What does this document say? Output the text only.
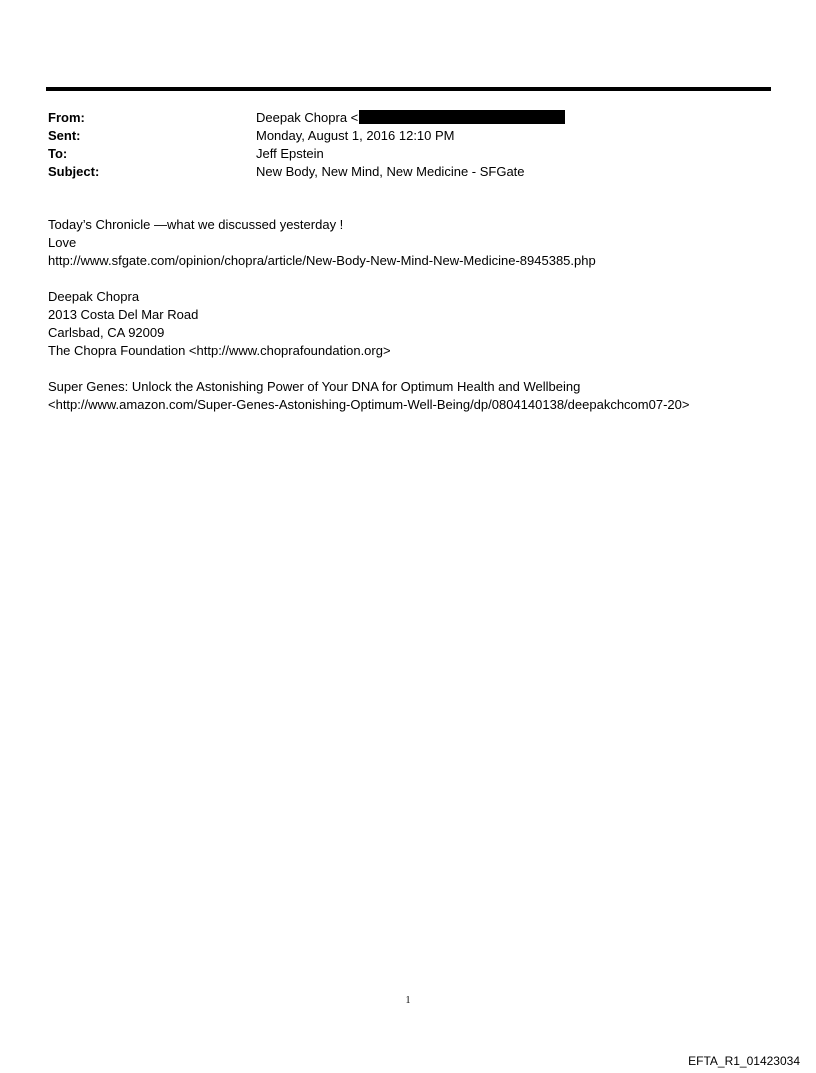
From:	Deepak Chopra <
Sent:	Monday, August 1, 2016 12:10 PM
To:	Jeff Epstein
Subject:	New Body, New Mind, New Medicine - SFGate

Today’s Chronicle —what we discussed yesterday !

Love

http://www.sfgate.com/opinion/chopra/article/New-Body-New-Mind-New-Medicine-8945385.php

Deepak Chopra

2013 Costa Del Mar Road

Carlsbad, CA 92009

The Chopra Foundation <http://www.choprafoundation.org>

Super Genes: Unlock the Astonishing Power of Your DNA for Optimum Health and Wellbeing

<http://www.amazon.com/Super-Genes-Astonishing-Optimum-Well-Being/dp/0804140138/deepakchcom07-20>

1
EFTA_R1_01423034
